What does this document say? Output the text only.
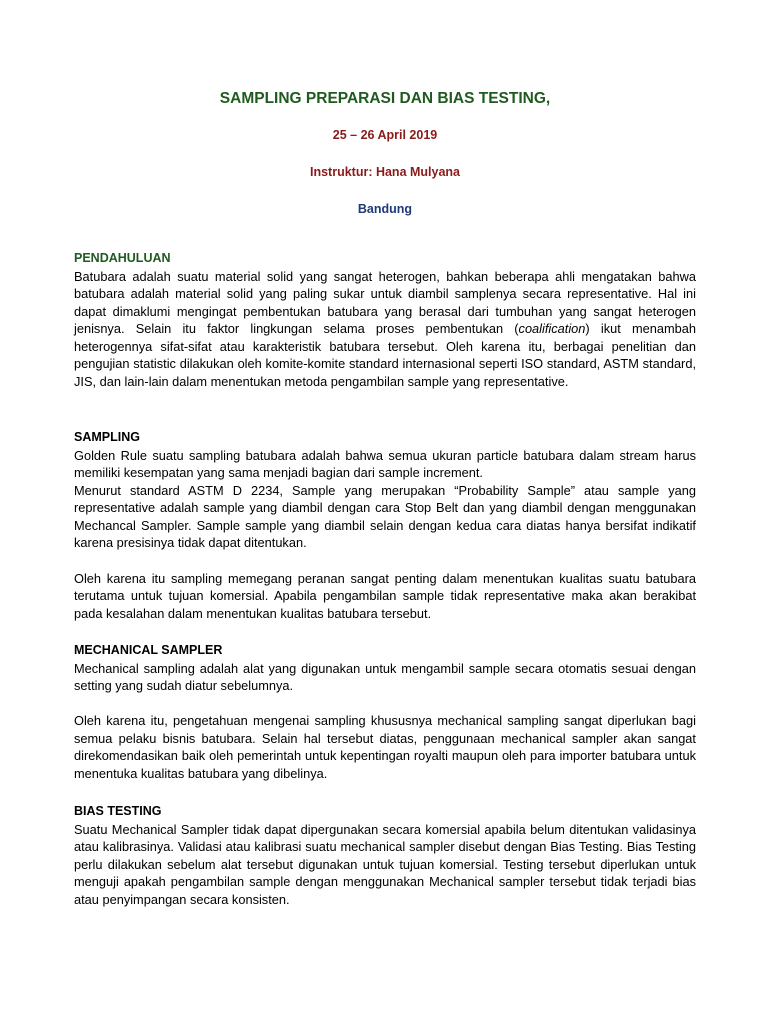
SAMPLING PREPARASI DAN BIAS TESTING,

25 – 26 April 2019

Instruktur: Hana Mulyana

Bandung

PENDAHULUAN

Batubara adalah suatu material solid yang sangat heterogen, bahkan beberapa ahli mengatakan bahwa batubara adalah material solid yang paling sukar untuk diambil samplenya secara representative. Hal ini dapat dimaklumi mengingat pembentukan batubara yang berasal dari tumbuhan yang sangat heterogen jenisnya. Selain itu faktor lingkungan selama proses pembentukan (coalification) ikut menambah heterogennya sifat-sifat atau karakteristik batubara tersebut. Oleh karena itu, berbagai penelitian dan pengujian statistic dilakukan oleh komite-komite standard internasional seperti ISO standard, ASTM standard, JIS, dan lain-lain dalam menentukan metoda pengambilan sample yang representative.

SAMPLING

Golden Rule suatu sampling batubara adalah bahwa semua ukuran particle batubara dalam stream harus memiliki kesempatan yang sama menjadi bagian dari sample increment.

Menurut standard ASTM D 2234, Sample yang merupakan “Probability Sample” atau sample yang representative adalah sample yang diambil dengan cara Stop Belt dan yang diambil dengan menggunakan Mechancal Sampler. Sample sample yang diambil selain dengan kedua cara diatas hanya bersifat indikatif karena presisinya tidak dapat ditentukan.

Oleh karena itu sampling memegang peranan sangat penting dalam menentukan kualitas suatu batubara terutama untuk tujuan komersial. Apabila pengambilan sample tidak representative maka akan berakibat pada kesalahan dalam menentukan kualitas batubara tersebut.

MECHANICAL SAMPLER

Mechanical sampling adalah alat yang digunakan untuk mengambil sample secara otomatis sesuai dengan setting yang sudah diatur sebelumnya.

Oleh karena itu, pengetahuan mengenai sampling khususnya mechanical sampling sangat diperlukan bagi semua pelaku bisnis batubara. Selain hal tersebut diatas, penggunaan mechanical sampler akan sangat direkomendasikan baik oleh pemerintah untuk kepentingan royalti maupun oleh para importer batubara untuk menentuka kualitas batubara yang dibelinya.

BIAS TESTING

Suatu Mechanical Sampler tidak dapat dipergunakan secara komersial apabila belum ditentukan validasinya atau kalibrasinya. Validasi atau kalibrasi suatu mechanical sampler disebut dengan Bias Testing. Bias Testing perlu dilakukan sebelum alat tersebut digunakan untuk tujuan komersial. Testing tersebut diperlukan untuk menguji apakah pengambilan sample dengan menggunakan Mechanical sampler tersebut tidak terjadi bias atau penyimpangan secara konsisten.
